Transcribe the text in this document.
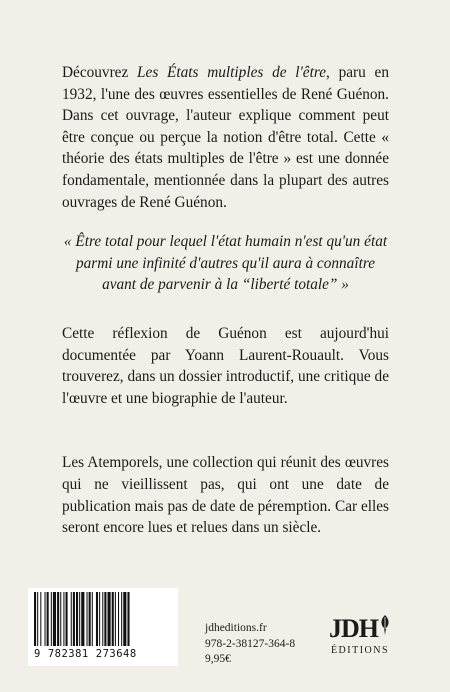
Découvrez Les États multiples de l'être, paru en 1932, l'une des œuvres essentielles de René Guénon. Dans cet ouvrage, l'auteur explique comment peut être conçue ou perçue la notion d'être total. Cette « théorie des états multiples de l'être » est une donnée fondamentale, mentionnée dans la plupart des autres ouvrages de René Guénon.

« Être total pour lequel l'état humain n'est qu'un état parmi une infinité d'autres qu'il aura à connaître avant de parvenir à la “liberté totale” »

Cette réflexion de Guénon est aujourd'hui documentée par Yoann Laurent-Rouault. Vous trouverez, dans un dossier introductif, une critique de l'œuvre et une biographie de l'auteur.

Les Atemporels, une collection qui réunit des œuvres qui ne vieillissent pas, qui ont une date de publication mais pas de date de péremption. Car elles seront encore lues et relues dans un siècle.

9 782381 273648
jdheditions.fr
978-2-38127-364-8
9,95€
JDH
ÉDITIONS
